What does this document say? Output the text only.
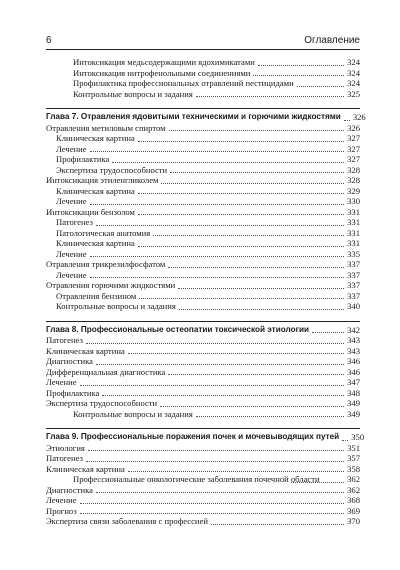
6	Оглавление
Интоксикация медьсодержащими ядохимикатами	324
Интоксикация нитрофенольными соединениями	324
Профилактика профессиональных отравлений пестицидами	324
Контрольные вопросы и задания	325
Глава 7. Отравления ядовитыми техническими и горючими жидкостями 326
Отравления метиловым спиртом	326
Клиническая картина	327
Лечение	327
Профилактика	327
Экспертиза трудоспособности	328
Интоксикация этиленгликолем	328
Клиническая картина	329
Лечение	330
Интоксикации бензолом	331
Патогенез	331
Патологическая анатомия	331
Клиническая картина	331
Лечение	335
Отравления трикрезилфосфатом	337
Лечение	337
Отравления горючими жидкостями	337
Отравления бензином	337
Контрольные вопросы и задания	340
Глава 8. Профессиональные остеопатии токсической этиологии	342
Патогенез	343
Клиническая картина	343
Диагностика	346
Дифференциальная диагностика	346
Лечение	347
Профилактика	348
Экспертиза трудоспособности	349
Контрольные вопросы и задания	349
Глава 9. Профессиональные поражения почек и мочевыводящих путей 350
Этиология	351
Патогенез	357
Клиническая картина	358
Профессиональные онкологические заболевания почечной области	362
Диагностика	362
Лечение	368
Прогноз	369
Экспертиза связи заболевания с профессией	370
